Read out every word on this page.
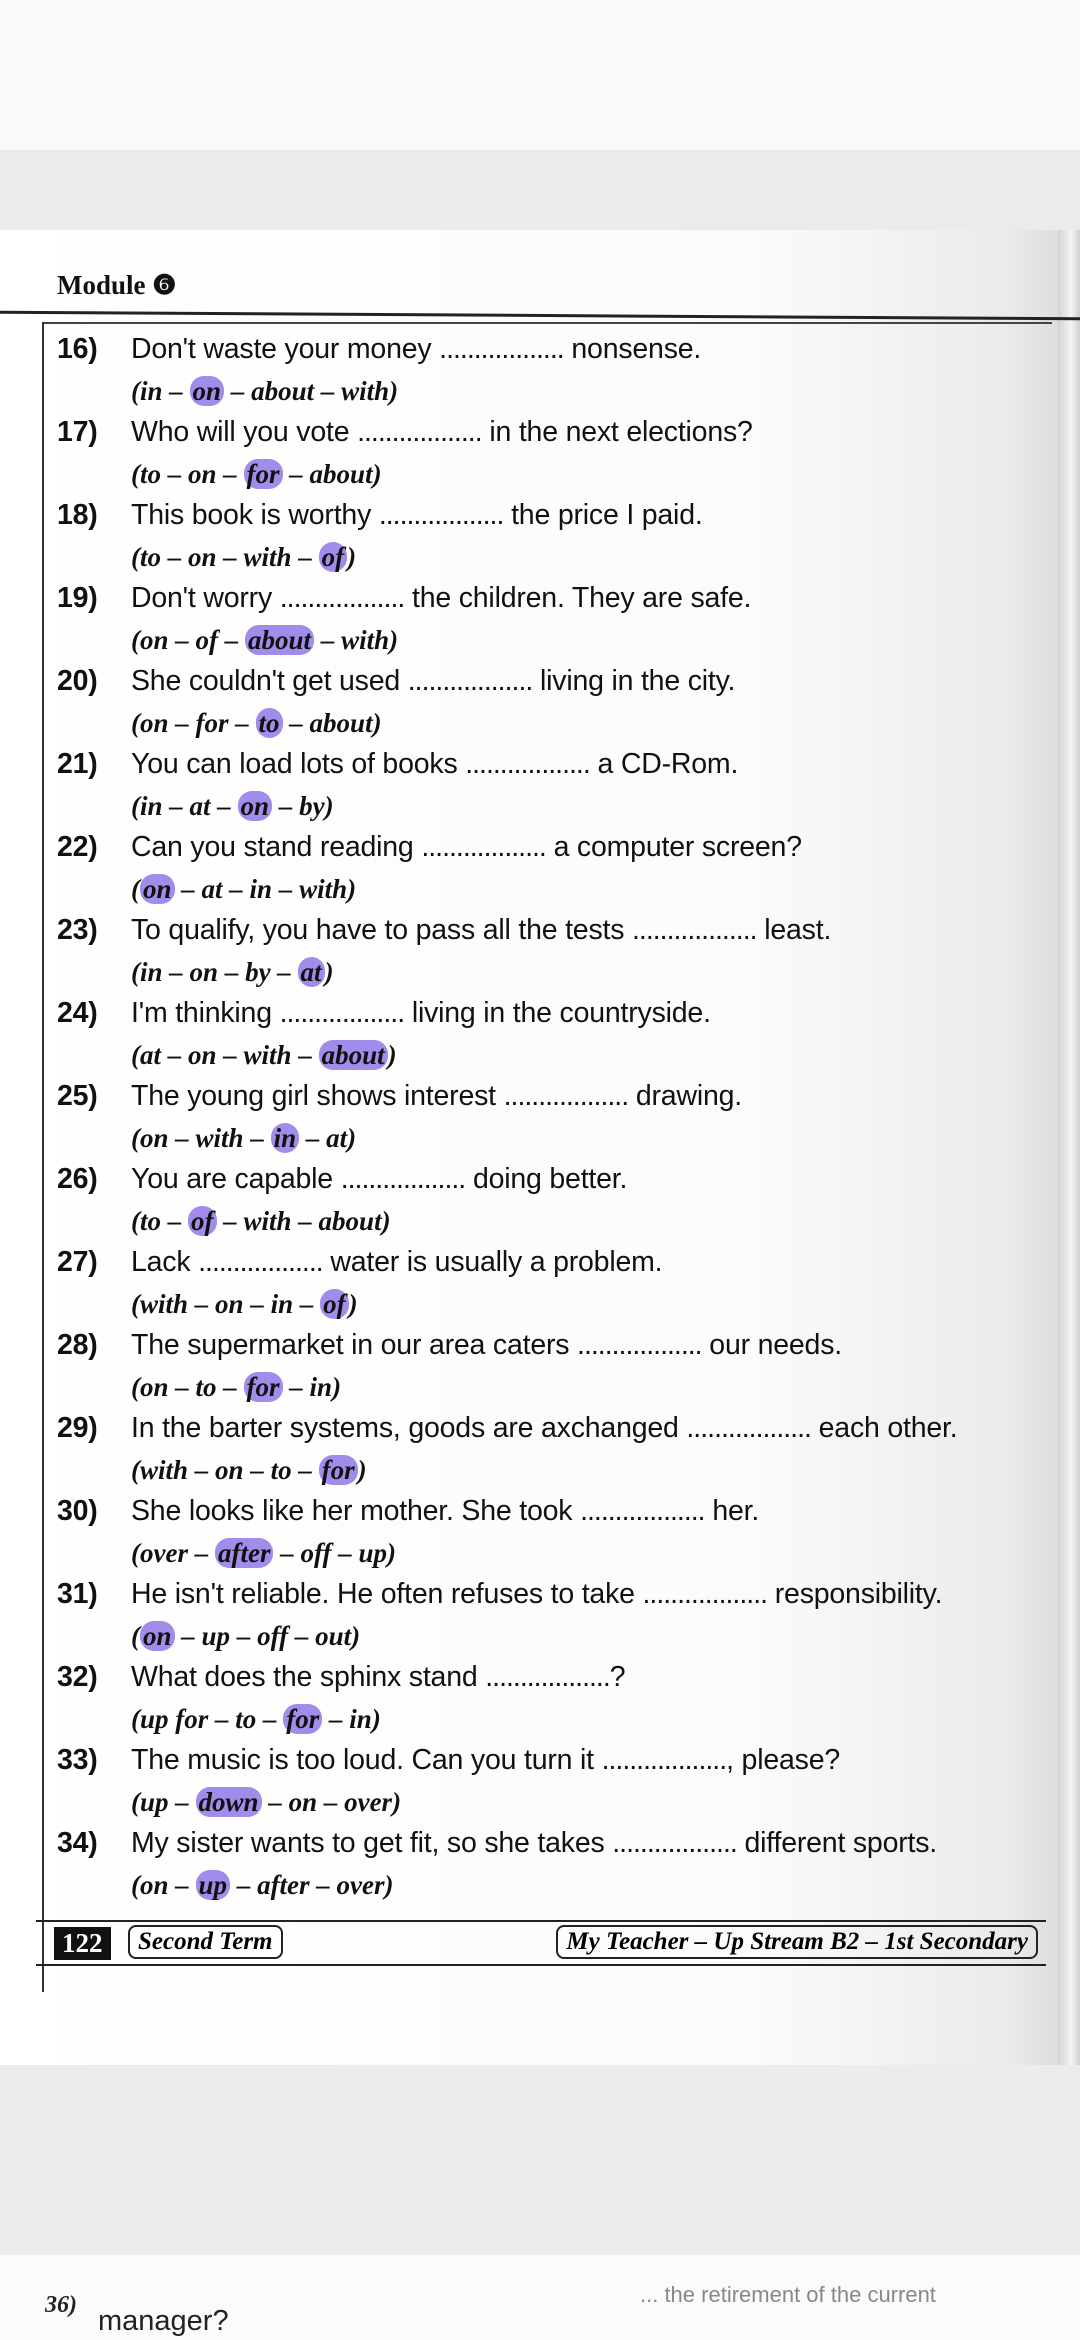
Module ❻
16) Don't waste your money .................. nonsense.
(in – on – about – with)
17) Who will you vote .................. in the next elections?
(to – on – for – about)
18) This book is worthy .................. the price I paid.
(to – on – with – of )
19) Don't worry .................. the children. They are safe.
(on – of – about – with)
20) She couldn't get used .................. living in the city.
(on – for – to – about)
21) You can load lots of books .................. a CD-Rom.
(in – at – on – by)
22) Can you stand reading .................. a computer screen?
( on – at – in – with)
23) To qualify, you have to pass all the tests .................. least.
(in – on – by – at )
24) I'm thinking .................. living in the countryside.
(at – on – with – about )
25) The young girl shows interest .................. drawing.
(on – with – in – at)
26) You are capable .................. doing better.
(to – of – with – about)
27) Lack .................. water is usually a problem.
(with – on – in – of )
28) The supermarket in our area caters .................. our needs.
(on – to – for – in)
29) In the barter systems, goods are axchanged .................. each other.
(with – on – to – for )
30) She looks like her mother. She took .................. her.
(over – after – off – up)
31) He isn't reliable. He often refuses to take .................. responsibility.
( on – up – off – out)
32) What does the sphinx stand ..................?
(up for – to – for – in)
33) The music is too loud. Can you turn it .................., please?
(up – down – on – over)
34) My sister wants to get fit, so she takes .................. different sports.
(on – up – after – over)
122	Second Term	My Teacher – Up Stream B2 – 1st Secondary
36) manager?
... the retirement of the current
